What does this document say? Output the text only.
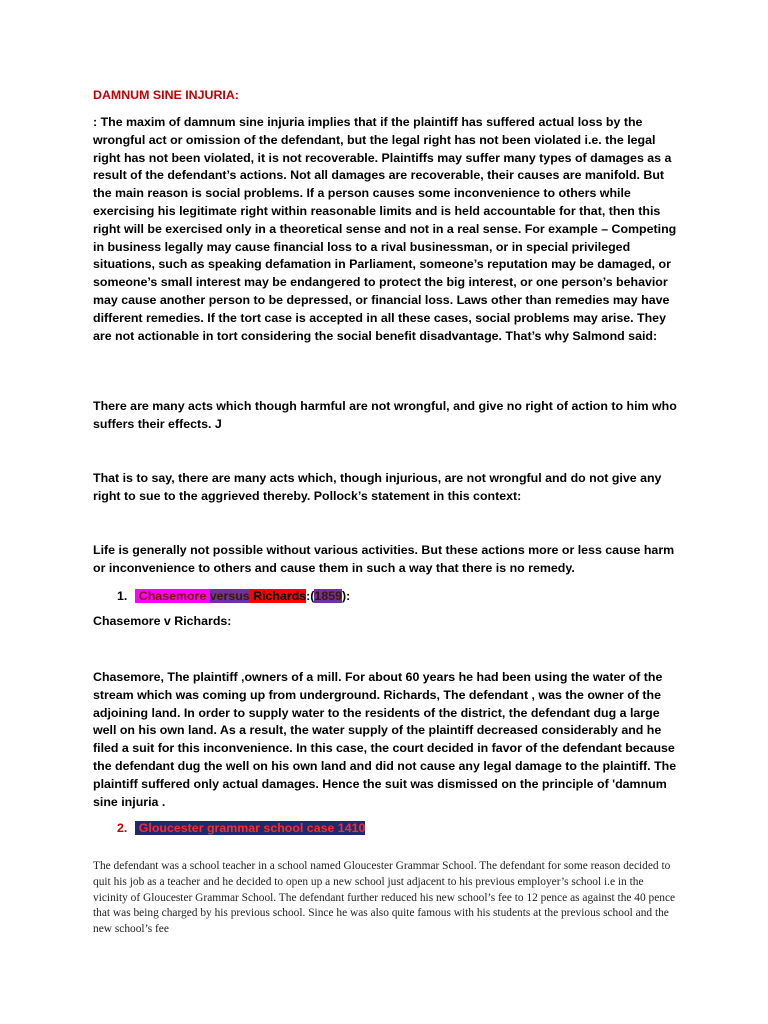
DAMNUM SINE INJURIA:

: The maxim of damnum sine injuria implies that if the plaintiff has suffered actual loss by the wrongful act or omission of the defendant, but the legal right has not been violated i.e. the legal right has not been violated, it is not recoverable. Plaintiffs may suffer many types of damages as a result of the defendant’s actions. Not all damages are recoverable, their causes are manifold. But the main reason is social problems. If a person causes some inconvenience to others while exercising his legitimate right within reasonable limits and is held accountable for that, then this right will be exercised only in a theoretical sense and not in a real sense. For example – Competing in business legally may cause financial loss to a rival businessman, or in special privileged situations, such as speaking defamation in Parliament, someone’s reputation may be damaged, or someone’s small interest may be endangered to protect the big interest, or one person’s behavior may cause another person to be depressed, or financial loss. Laws other than remedies may have different remedies. If the tort case is accepted in all these cases, social problems may arise. They are not actionable in tort considering the social benefit disadvantage. That’s why Salmond said:

There are many acts which though harmful are not wrongful, and give no right of action to him who suffers their effects. J

That is to say, there are many acts which, though injurious, are not wrongful and do not give any right to sue to the aggrieved thereby. Pollock’s statement in this context:

Life is generally not possible without various activities. But these actions more or less cause harm or inconvenience to others and cause them in such a way that there is no remedy.

1. Chasemore versus Richards:(1859):
Chasemore v Richards:

Chasemore, The plaintiff ,owners of a mill. For about 60 years he had been using the water of the stream which was coming up from underground. Richards, The defendant , was the owner of the adjoining land. In order to supply water to the residents of the district, the defendant dug a large well on his own land. As a result, the water supply of the plaintiff decreased considerably and he filed a suit for this inconvenience. In this case, the court decided in favor of the defendant because the defendant dug the well on his own land and did not cause any legal damage to the plaintiff. The plaintiff suffered only actual damages. Hence the suit was dismissed on the principle of 'damnum sine injuria .

2. Gloucester grammar school case 1410

The defendant was a school teacher in a school named Gloucester Grammar School. The defendant for some reason decided to quit his job as a teacher and he decided to open up a new school just adjacent to his previous employer’s school i.e in the vicinity of Gloucester Grammar School. The defendant further reduced his new school’s fee to 12 pence as against the 40 pence that was being charged by his previous school. Since he was also quite famous with his students at the previous school and the new school’s fee
